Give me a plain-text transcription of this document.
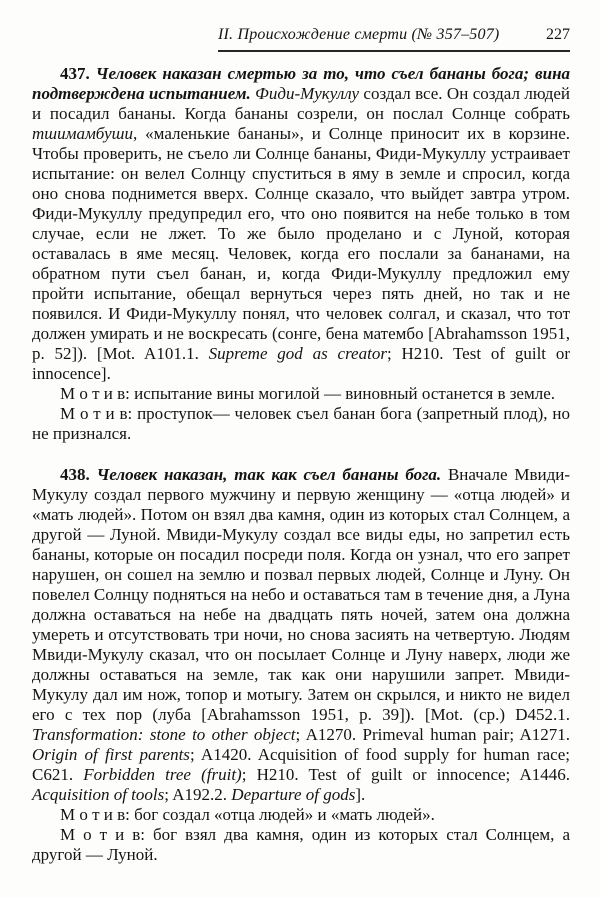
II. Происхождение смерти (№ 357–507)	227

437. Человек наказан смертью за то, что съел бананы бога; вина подтверждена испытанием. Фиди-Мукуллу создал все. Он создал людей и посадил бананы. Когда бананы созрели, он послал Солнце собрать тшимамбуши, «маленькие бананы», и Солнце приносит их в корзине. Чтобы проверить, не съело ли Солнце бананы, Фиди-Мукуллу устраивает испытание: он велел Солнцу спуститься в яму в земле и спросил, когда оно снова поднимется вверх. Солнце сказало, что выйдет завтра утром. Фиди-Мукуллу предупредил его, что оно появится на небе только в том случае, если не лжет. То же было проделано и с Луной, которая оставалась в яме месяц. Человек, когда его послали за бананами, на обратном пути съел банан, и, когда Фиди-Мукуллу предложил ему пройти испытание, обещал вернуться через пять дней, но так и не появился. И Фиди-Мукуллу понял, что человек солгал, и сказал, что тот должен умирать и не воскресать (сонге, бена матембо [Abrahamsson 1951, p. 52]). [Mot. A101.1. Supreme god as creator; H210. Test of guilt or innocence].

М о т и в: испытание вины могилой — виновный останется в земле.

М о т и в: проступок— человек съел банан бога (запретный плод), но не признался.

438. Человек наказан, так как съел бананы бога. Вначале Мвиди-Мукулу создал первого мужчину и первую женщину — «отца людей» и «мать людей». Потом он взял два камня, один из которых стал Солнцем, а другой — Луной. Мвиди-Мукулу создал все виды еды, но запретил есть бананы, которые он посадил посреди поля. Когда он узнал, что его запрет нарушен, он сошел на землю и позвал первых людей, Солнце и Луну. Он повелел Солнцу подняться на небо и оставаться там в течение дня, а Луна должна оставаться на небе на двадцать пять ночей, затем она должна умереть и отсутствовать три ночи, но снова засиять на четвертую. Людям Мвиди-Мукулу сказал, что он посылает Солнце и Луну наверх, люди же должны оставаться на земле, так как они нарушили запрет. Мвиди-Мукулу дал им нож, топор и мотыгу. Затем он скрылся, и никто не видел его с тех пор (луба [Abrahamsson 1951, p. 39]). [Mot. (ср.) D452.1. Transformation: stone to other object; A1270. Primeval human pair; A1271. Origin of first parents; A1420. Acquisition of food supply for human race; C621. Forbidden tree (fruit); H210. Test of guilt or innocence; A1446. Acquisition of tools; A192.2. Departure of gods].

М о т и в: бог создал «отца людей» и «мать людей».

М о т и в: бог взял два камня, один из которых стал Солнцем, а другой — Луной.
